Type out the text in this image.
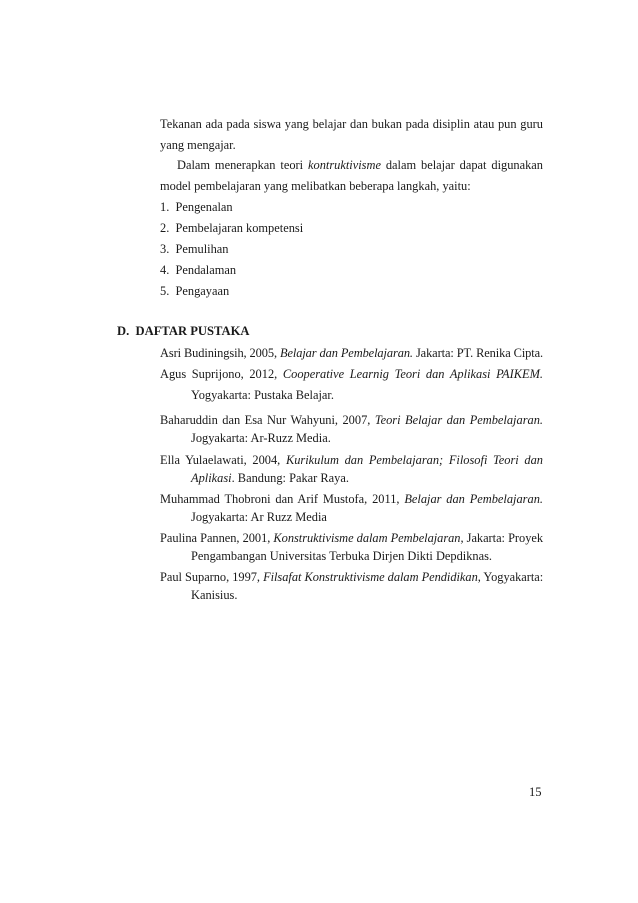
Tekanan ada pada siswa yang belajar dan bukan pada disiplin atau pun guru
yang mengajar.
Dalam menerapkan teori kontruktivisme dalam belajar dapat digunakan
model pembelajaran yang melibatkan beberapa langkah, yaitu:
1. Pengenalan
2. Pembelajaran kompetensi
3. Pemulihan
4. Pendalaman
5. Pengayaan
D. DAFTAR PUSTAKA
Asri Budiningsih, 2005, Belajar dan Pembelajaran. Jakarta: PT. Renika Cipta.
Agus Suprijono, 2012, Cooperative Learnig Teori dan Aplikasi PAIKEM.
Yogyakarta: Pustaka Belajar.
Baharuddin dan Esa Nur Wahyuni, 2007, Teori Belajar dan Pembelajaran.
Jogyakarta: Ar-Ruzz Media.
Ella Yulaelawati, 2004, Kurikulum dan Pembelajaran; Filosofi Teori dan
Aplikasi. Bandung: Pakar Raya.
Muhammad Thobroni dan Arif Mustofa, 2011, Belajar dan Pembelajaran.
Jogyakarta: Ar Ruzz Media
Paulina Pannen, 2001, Konstruktivisme dalam Pembelajaran, Jakarta: Proyek
Pengambangan Universitas Terbuka Dirjen Dikti Depdiknas.
Paul Suparno, 1997, Filsafat Konstruktivisme dalam Pendidikan, Yogyakarta:
Kanisius.
15
